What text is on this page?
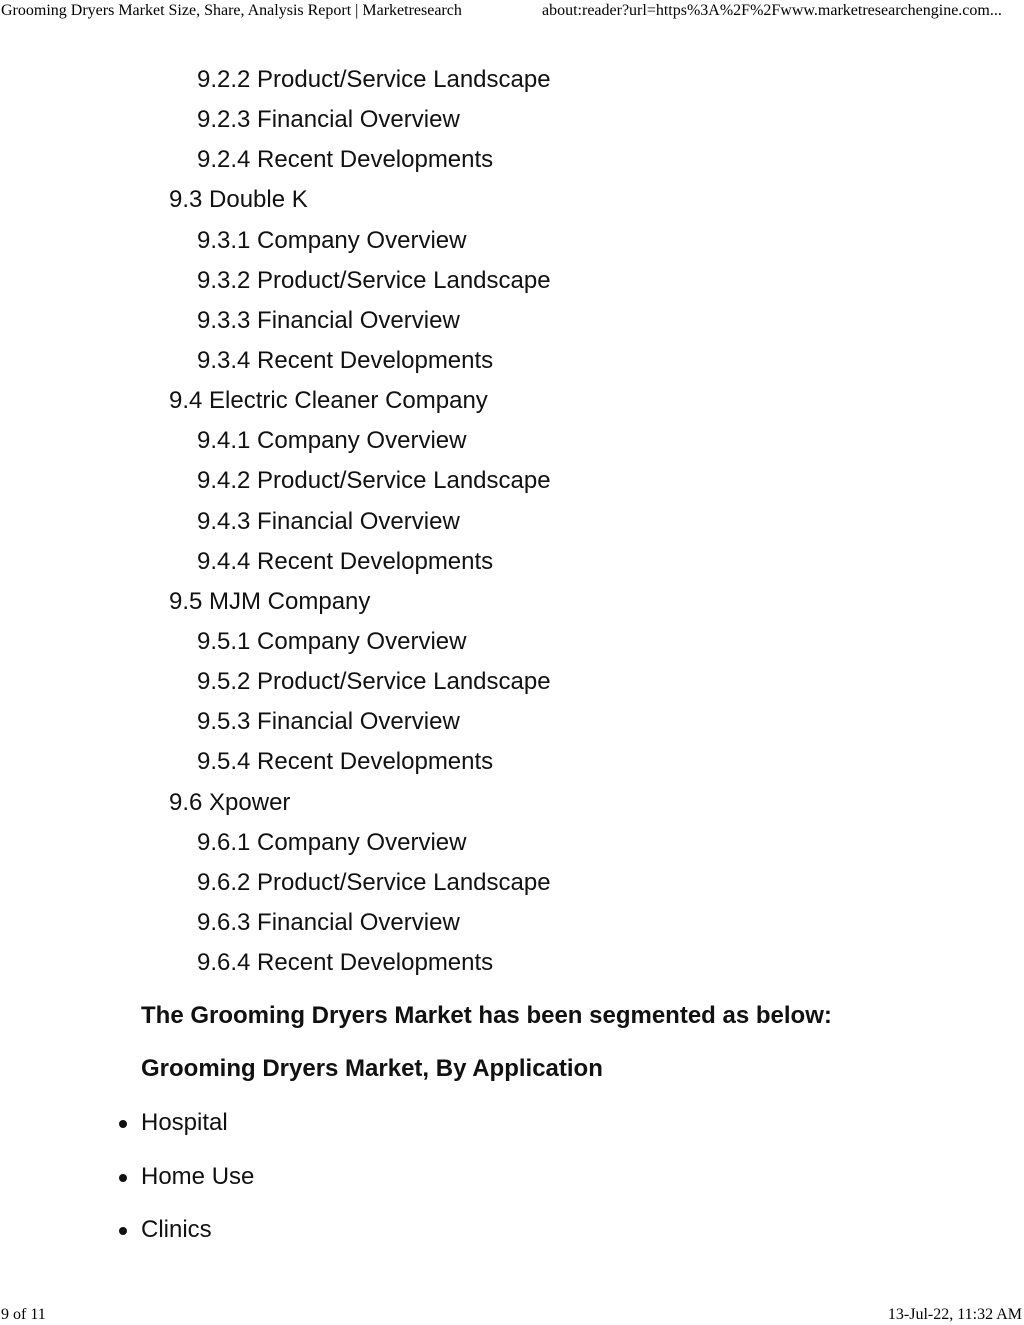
Grooming Dryers Market Size, Share, Analysis Report | Marketresearch	about:reader?url=https%3A%2F%2Fwww.marketresearchengine.com...
9.2.2 Product/Service Landscape
9.2.3 Financial Overview
9.2.4 Recent Developments
9.3 Double K
9.3.1 Company Overview
9.3.2 Product/Service Landscape
9.3.3 Financial Overview
9.3.4 Recent Developments
9.4 Electric Cleaner Company
9.4.1 Company Overview
9.4.2 Product/Service Landscape
9.4.3 Financial Overview
9.4.4 Recent Developments
9.5 MJM Company
9.5.1 Company Overview
9.5.2 Product/Service Landscape
9.5.3 Financial Overview
9.5.4 Recent Developments
9.6 Xpower
9.6.1 Company Overview
9.6.2 Product/Service Landscape
9.6.3 Financial Overview
9.6.4 Recent Developments
The Grooming Dryers Market has been segmented as below:
Grooming Dryers Market, By Application
Hospital
Home Use
Clinics
9 of 11	13-Jul-22, 11:32 AM
